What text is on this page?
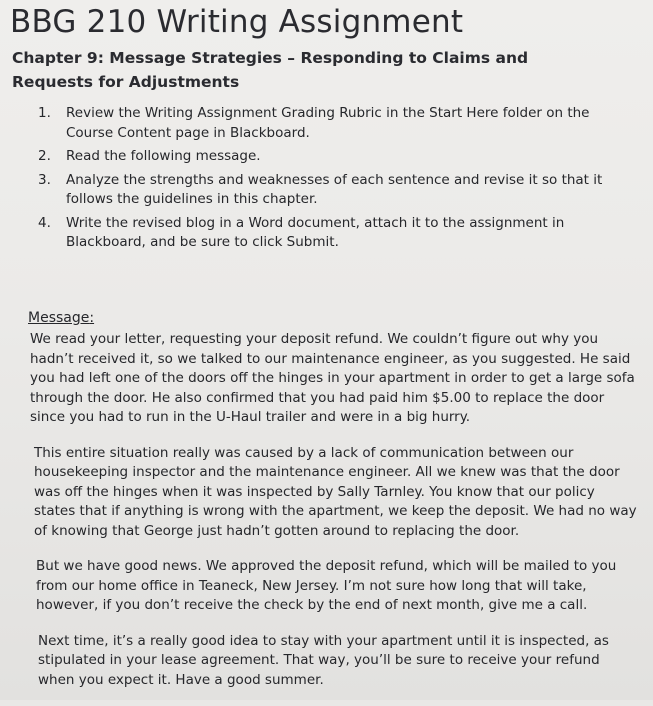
BBG 210 Writing Assignment
Chapter 9: Message Strategies – Responding to Claims and Requests for Adjustments
1. Review the Writing Assignment Grading Rubric in the Start Here folder on the Course Content page in Blackboard.
2. Read the following message.
3. Analyze the strengths and weaknesses of each sentence and revise it so that it follows the guidelines in this chapter.
4. Write the revised blog in a Word document, attach it to the assignment in Blackboard, and be sure to click Submit.
Message:

We read your letter, requesting your deposit refund. We couldn’t figure out why you hadn’t received it, so we talked to our maintenance engineer, as you suggested. He said you had left one of the doors off the hinges in your apartment in order to get a large sofa through the door. He also confirmed that you had paid him $5.00 to replace the door since you had to run in the U-Haul trailer and were in a big hurry.

This entire situation really was caused by a lack of communication between our housekeeping inspector and the maintenance engineer. All we knew was that the door was off the hinges when it was inspected by Sally Tarnley. You know that our policy states that if anything is wrong with the apartment, we keep the deposit. We had no way of knowing that George just hadn’t gotten around to replacing the door.

But we have good news. We approved the deposit refund, which will be mailed to you from our home office in Teaneck, New Jersey. I’m not sure how long that will take, however, if you don’t receive the check by the end of next month, give me a call.

Next time, it’s a really good idea to stay with your apartment until it is inspected, as stipulated in your lease agreement. That way, you’ll be sure to receive your refund when you expect it. Have a good summer.
